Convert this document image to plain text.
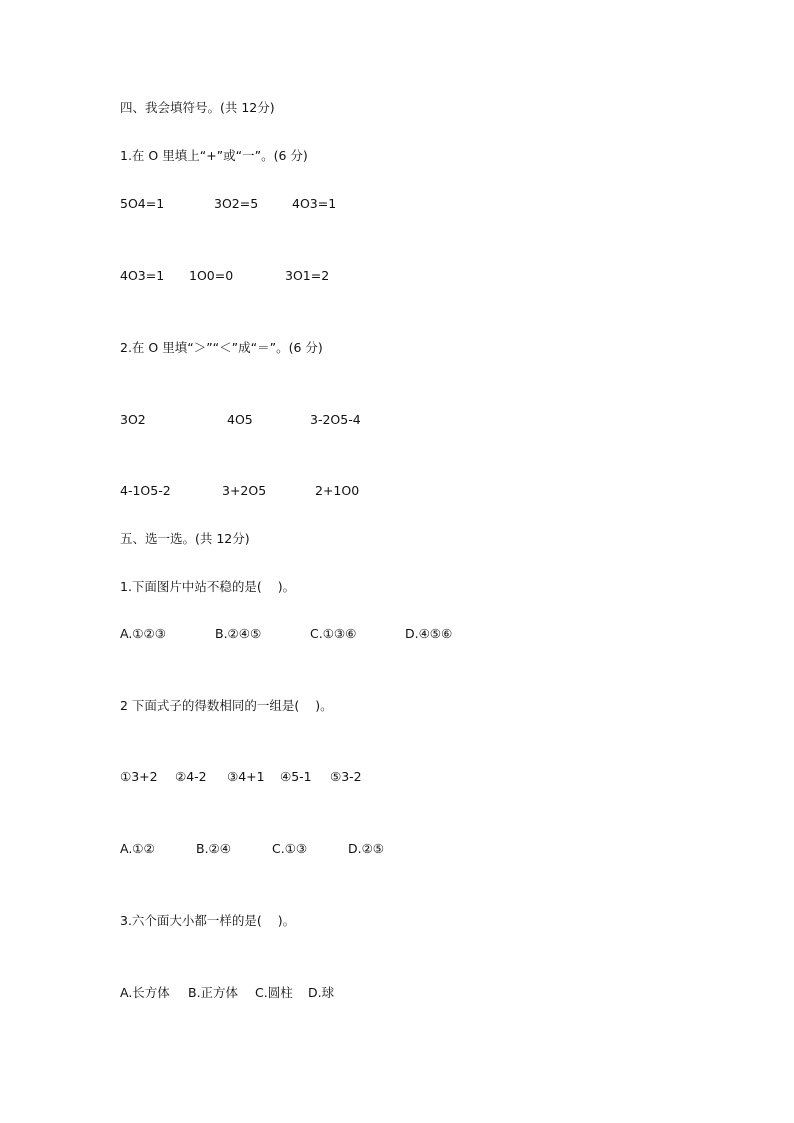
四、我会填符号。(共 12分)
1.在 O 里填上“+”或“一”。(6 分)
5O4=1	3O2=5	4O3=1
4O3=1 1O0=0	3O1=2
2.在 O 里填“＞”“＜”成“＝”。(6 分)
3O2	4O5	3-2O5-4
4-1O5-2	3+2O5	2+1O0
五、选一选。(共 12分)
1.下面图片中站不稳的是(    )。
A.①②③	B.②④⑤	C.①③⑥	D.④⑤⑥
2 下面式子的得数相同的一组是(    )。
①3+2 ②4-2 ③4+1 ④5-1 ⑤3-2
A.①②	B.②④	C.①③	D.②⑤
3.六个面大小都一样的是(    )。
A.长方体 B.正方体 C.圆柱 D.球
